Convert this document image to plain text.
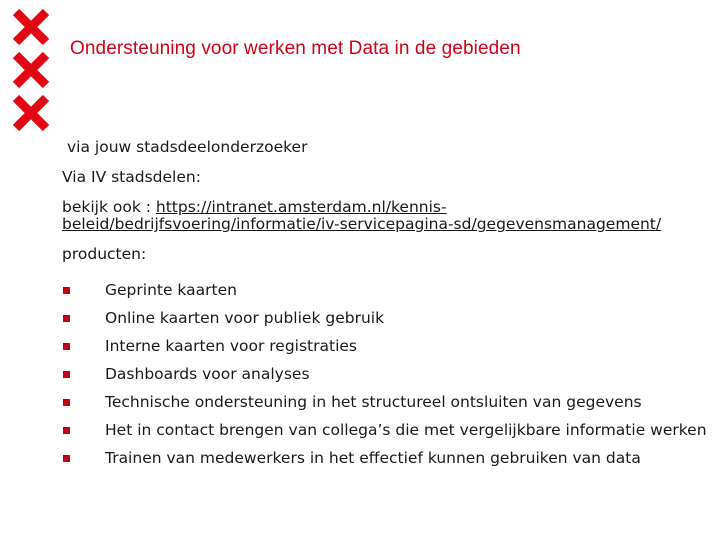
Ondersteuning voor werken met Data in de gebieden
via jouw stadsdeelonderzoeker
Via IV stadsdelen:
bekijk ook : https://intranet.amsterdam.nl/kennis-beleid/bedrijfsvoering/informatie/iv-servicepagina-sd/gegevensmanagement/
producten:
Geprinte kaarten
Online kaarten voor publiek gebruik
Interne kaarten voor registraties
Dashboards voor analyses
Technische ondersteuning in het structureel ontsluiten van gegevens
Het in contact brengen van collega’s die met vergelijkbare informatie werken
Trainen van medewerkers in het effectief kunnen gebruiken van data
